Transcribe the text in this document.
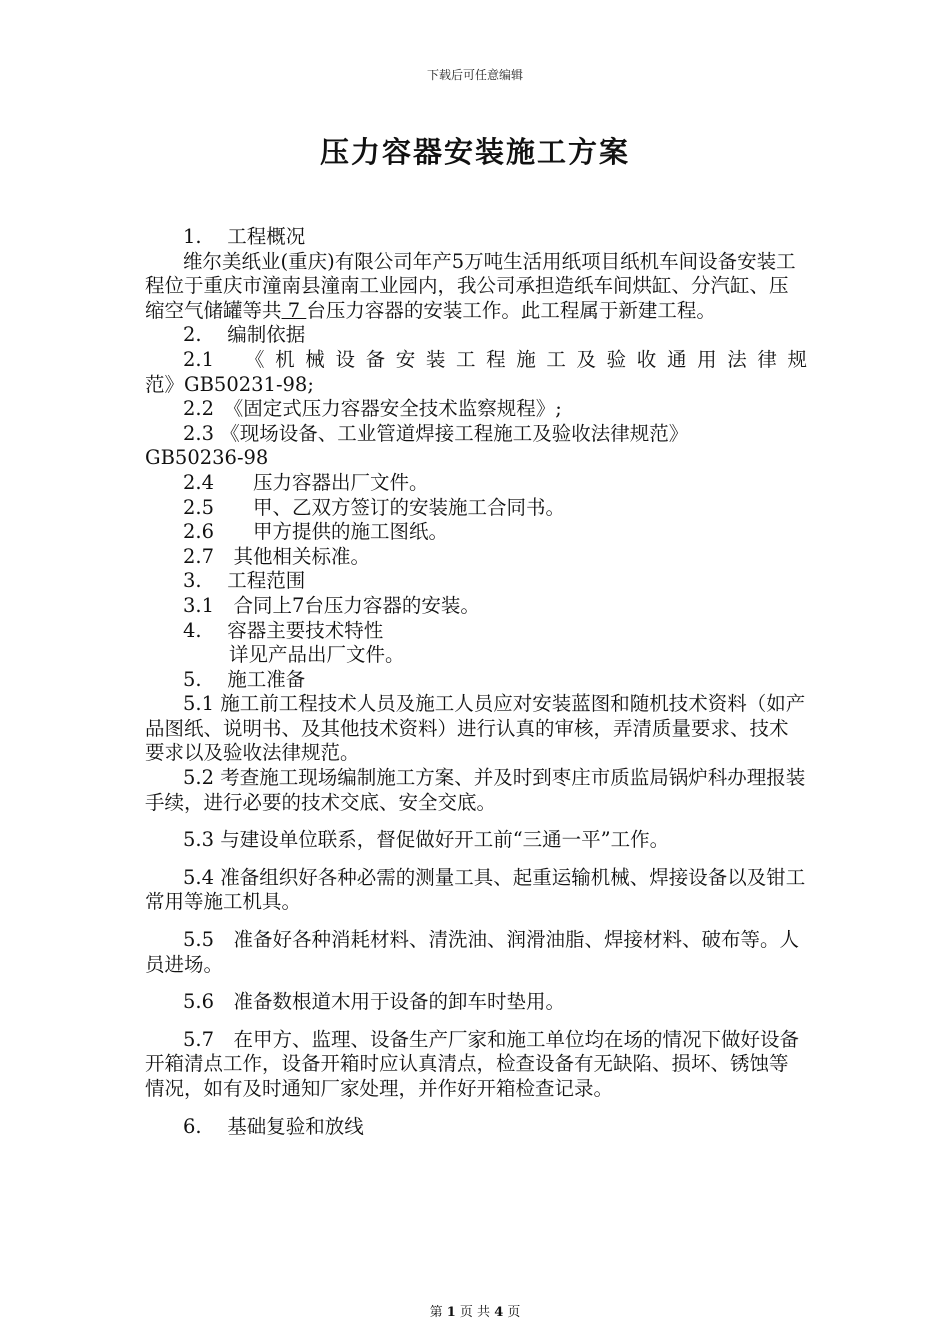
下载后可任意编辑
压力容器安装施工方案

1.　 工程概况

维尔美纸业(重庆)有限公司年产5万吨生活用纸项目纸机车间设备安装工程位于重庆市潼南县潼南工业园内，我公司承担造纸车间烘缸、分汽缸、压缩空气储罐等共 7 台压力容器的安装工作。此工程属于新建工程。

2.　 编制依据

2.1　《机械设备安装工程施工及验收通用法律规

范》GB50231-98;

2.2　《固定式压力容器安全技术监察规程》;

2.3 《现场设备、工业管道焊接工程施工及验收法律规范》

GB50236-98

2.4　　压力容器出厂文件。

2.5　　甲、乙双方签订的安装施工合同书。

2.6　　甲方提供的施工图纸。

2.7　其他相关标准。

3.　 工程范围

3.1　合同上7台压力容器的安装。

4.　 容器主要技术特性

详见产品出厂文件。

5.　 施工准备

5.1 施工前工程技术人员及施工人员应对安装蓝图和随机技术资料（如产品图纸、说明书、及其他技术资料）进行认真的审核，弄清质量要求、技术要求以及验收法律规范。

5.2 考查施工现场编制施工方案、并及时到枣庄市质监局锅炉科办理报装手续，进行必要的技术交底、安全交底。

5.3 与建设单位联系，督促做好开工前“三通一平”工作。

5.4 准备组织好各种必需的测量工具、起重运输机械、焊接设备以及钳工常用等施工机具。

5.5　准备好各种消耗材料、清洗油、润滑油脂、焊接材料、破布等。人员进场。

5.6　准备数根道木用于设备的卸车时垫用。

5.7　在甲方、监理、设备生产厂家和施工单位均在场的情况下做好设备开箱清点工作，设备开箱时应认真清点，检查设备有无缺陷、损坏、锈蚀等情况，如有及时通知厂家处理，并作好开箱检查记录。

6.　 基础复验和放线

第 1 页 共 4 页
